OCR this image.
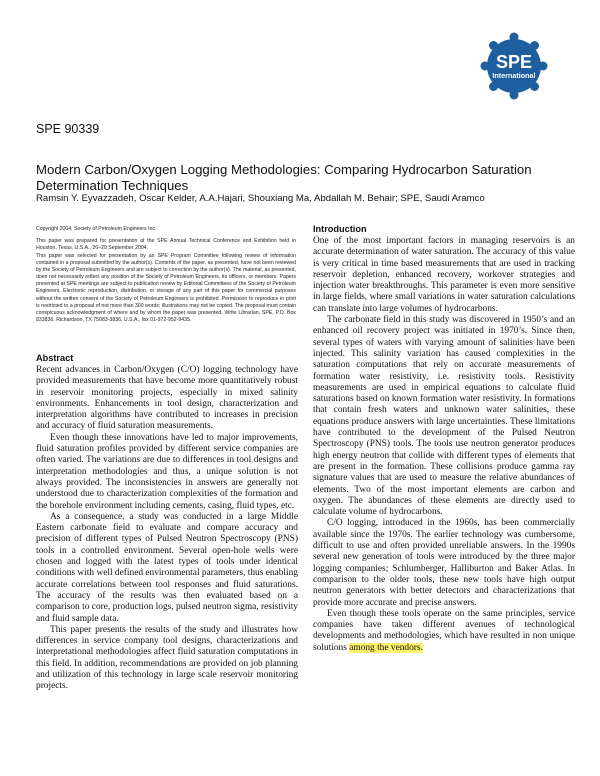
SPE
International
SPE 90339
Modern Carbon/Oxygen Logging Methodologies: Comparing Hydrocarbon Saturation Determination Techniques
Ramsin Y. Eyvazzadeh, Oscar Kelder, A.A.Hajari, Shouxiang Ma, Abdallah M. Behair; SPE, Saudi Aramco

Copyright 2004, Society of Petroleum Engineers Inc.

This paper was prepared for presentation at the SPE Annual Technical Conference and Exhibition held in Houston, Texas, U.S.A., 26–29 September 2004.

This paper was selected for presentation by an SPE Program Committee following review of information contained in a proposal submitted by the author(s). Contents of the paper, as presented, have not been reviewed by the Society of Petroleum Engineers and are subject to correction by the author(s). The material, as presented, does not necessarily reflect any position of the Society of Petroleum Engineers, its officers, or members. Papers presented at SPE meetings are subject to publication review by Editorial Committees of the Society of Petroleum Engineers. Electronic reproduction, distribution, or storage of any part of this paper for commercial purposes without the written consent of the Society of Petroleum Engineers is prohibited. Permission to reproduce in print is restricted to a proposal of not more than 300 words; illustrations may not be copied. The proposal must contain conspicuous acknowledgment of where and by whom the paper was presented. Write Librarian, SPE, P.O. Box 833836, Richardson, TX 75083-3836, U.S.A., fax 01-972-952-9435.

Abstract

Recent advances in Carbon/Oxygen (C/O) logging technology have provided measurements that have become more quantitatively robust in reservoir monitoring projects, especially in mixed salinity environments. Enhancements in tool design, characterization and interpretation algorithms have contributed to increases in precision and accuracy of fluid saturation measurements.

Even though these innovations have led to major improvements, fluid saturation profiles provided by different service companies are often varied. The variations are due to differences in tool designs and interpretation methodologies and thus, a unique solution is not always provided. The inconsistencies in answers are generally not understood due to characterization complexities of the formation and the borehole environment including cements, casing, fluid types, etc.

As a consequence, a study was conducted in a large Middle Eastern carbonate field to evaluate and compare accuracy and precision of different types of Pulsed Neutron Spectroscopy (PNS) tools in a controlled environment. Several open-hole wells were chosen and logged with the latest types of tools under identical conditions with well defined environmental parameters, thus enabling accurate correlations between tool responses and fluid saturations. The accuracy of the results was then evaluated based on a comparison to core, production logs, pulsed neutron sigma, resistivity and fluid sample data.

This paper presents the results of the study and illustrates how differences in service company tool designs, characterizations and interpretational methodologies affect fluid saturation computations in this field. In addition, recommendations are provided on job planning and utilization of this technology in large scale reservoir monitoring projects.

Introduction

One of the most important factors in managing reservoirs is an accurate determination of water saturation. The accuracy of this value is very critical in time based measurements that are used in tracking reservoir depletion, enhanced recovery, workover strategies and injection water breakthroughs. This parameter is even more sensitive in large fields, where small variations in water saturation calculations can translate into large volumes of hydrocarbons.

The carbonate field in this study was discovered in 1950’s and an enhanced oil recovery project was initiated in 1970’s. Since then, several types of waters with varying amount of salinities have been injected. This salinity variation has caused complexities in the saturation computations that rely on accurate measurements of formation water resistivity, i.e. resistivity tools. Resistivity measurements are used in empirical equations to calculate fluid saturations based on known formation water resistivity. In formations that contain fresh waters and unknown water salinities, these equations produce answers with large uncertainties. These limitations have contributed to the development of the Pulsed Neutron Spectroscopy (PNS) tools. The tools use neutron generator produces high energy neutron that collide with different types of elements that are present in the formation. These collisions produce gamma ray signature values that are used to measure the relative abundances of elements. Two of the most important elements are carbon and oxygen. The abundances of these elements are directly used to calculate volume of hydrocarbons.

C/O logging, introduced in the 1960s, has been commercially available since the 1970s. The earlier technology was cumbersome, difficult to use and often provided unreliable answers. In the 1990s several new generation of tools were introduced by the three major logging companies; Schlumberger, Halliburton and Baker Atlas. In comparison to the older tools, these new tools have high output neutron generators with better detectors and characterizations that provide more accurate and precise answers.

Even though these tools operate on the same principles, service companies have taken different avenues of technological developments and methodologies, which have resulted in non unique solutions among the vendors.
